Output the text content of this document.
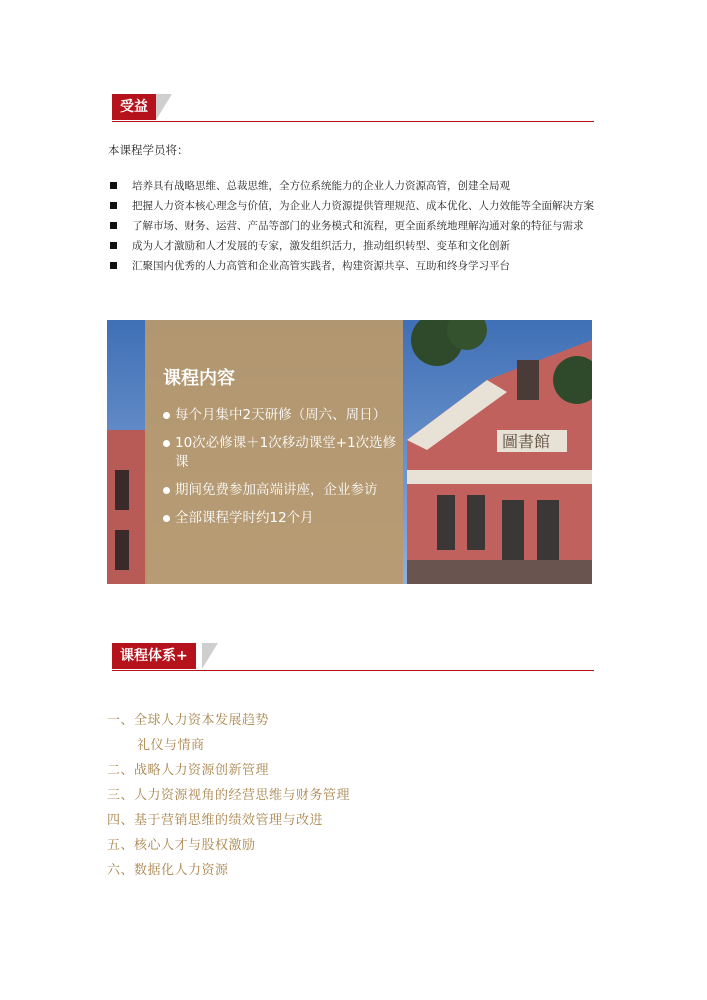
受益
本课程学员将：
培养具有战略思维、总裁思维，全方位系统能力的企业人力资源高管，创建全局观
把握人力资本核心理念与价值，为企业人力资源提供管理规范、成本优化、人力效能等全面解决方案
了解市场、财务、运营、产品等部门的业务模式和流程，更全面系统地理解沟通对象的特征与需求
成为人才激励和人才发展的专家，激发组织活力，推动组织转型、变革和文化创新
汇聚国内优秀的人力高管和企业高管实践者，构建资源共享、互助和终身学习平台
圖書館
课程内容
每个月集中2天研修（周六、周日）
10次必修课＋1次移动课堂+1次选修课
期间免费参加高端讲座，企业参访
全部课程学时约12个月
课程体系+
一、全球人力资本发展趋势
礼仪与情商
二、战略人力资源创新管理
三、人力资源视角的经营思维与财务管理
四、基于营销思维的绩效管理与改进
五、核心人才与股权激励
六、数据化人力资源
